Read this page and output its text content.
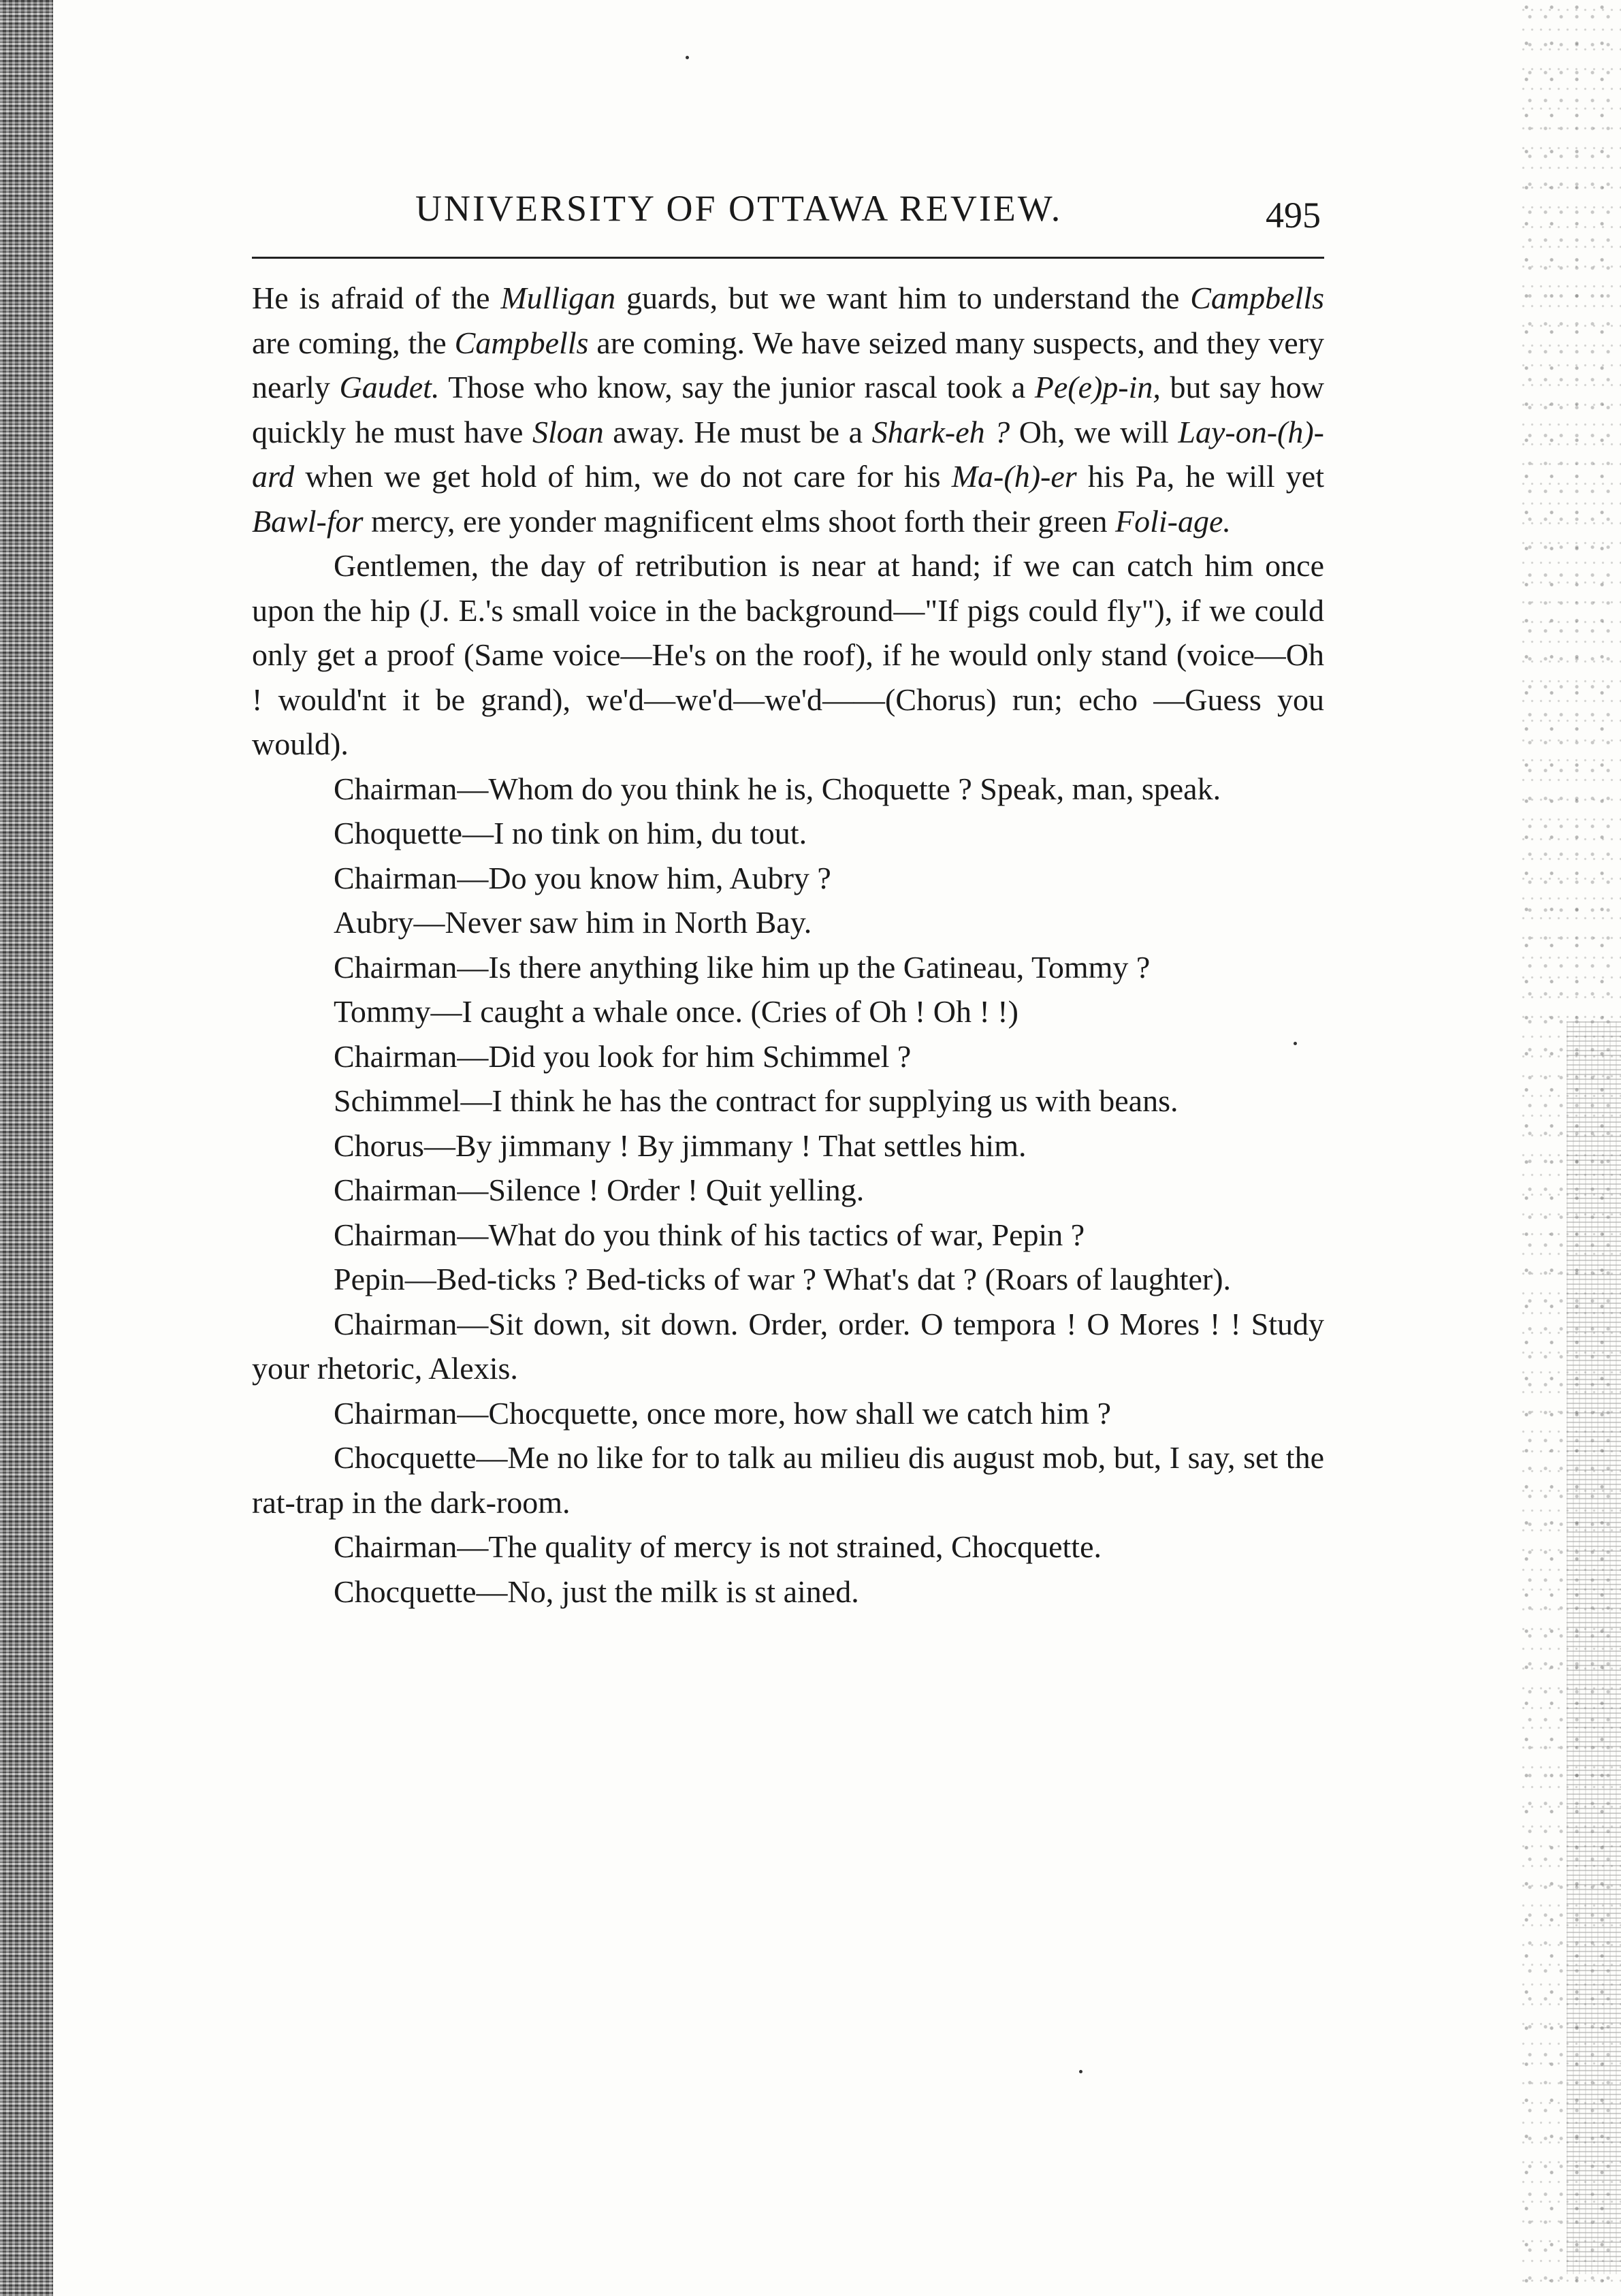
UNIVERSITY OF OTTAWA REVIEW.	495

He is afraid of the Mulligan guards, but we want him to understand the Campbells are coming, the Campbells are coming. We have seized many suspects, and they very nearly Gaudet. Those who know, say the junior rascal took a Pe(e)p-in, but say how quickly he must have Sloan away. He must be a Shark-eh ? Oh, we will Lay-on-(h)-ard when we get hold of him, we do not care for his Ma-(h)-er his Pa, he will yet Bawl-for mercy, ere yonder magnificent elms shoot forth their green Foli-age.

Gentlemen, the day of retribution is near at hand; if we can catch him once upon the hip (J. E.'s small voice in the background—"If pigs could fly"), if we could only get a proof (Same voice—He's on the roof), if he would only stand (voice—Oh ! would'nt it be grand), we'd—we'd—we'd——(Chorus) run; echo —Guess you would).

Chairman—Whom do you think he is, Choquette ? Speak, man, speak.

Choquette—I no tink on him, du tout.

Chairman—Do you know him, Aubry ?

Aubry—Never saw him in North Bay.

Chairman—Is there anything like him up the Gatineau, Tommy ?

Tommy—I caught a whale once. (Cries of Oh ! Oh ! !)

Chairman—Did you look for him Schimmel ?

Schimmel—I think he has the contract for supplying us with beans.

Chorus—By jimmany ! By jimmany ! That settles him.

Chairman—Silence ! Order ! Quit yelling.

Chairman—What do you think of his tactics of war, Pepin ?

Pepin—Bed-ticks ? Bed-ticks of war ? What's dat ? (Roars of laughter).

Chairman—Sit down, sit down. Order, order. O tempora ! O Mores ! ! Study your rhetoric, Alexis.

Chairman—Chocquette, once more, how shall we catch him ?

Chocquette—Me no like for to talk au milieu dis august mob, but, I say, set the rat-trap in the dark-room.

Chairman—The quality of mercy is not strained, Chocquette.

Chocquette—No, just the milk is st ained.
